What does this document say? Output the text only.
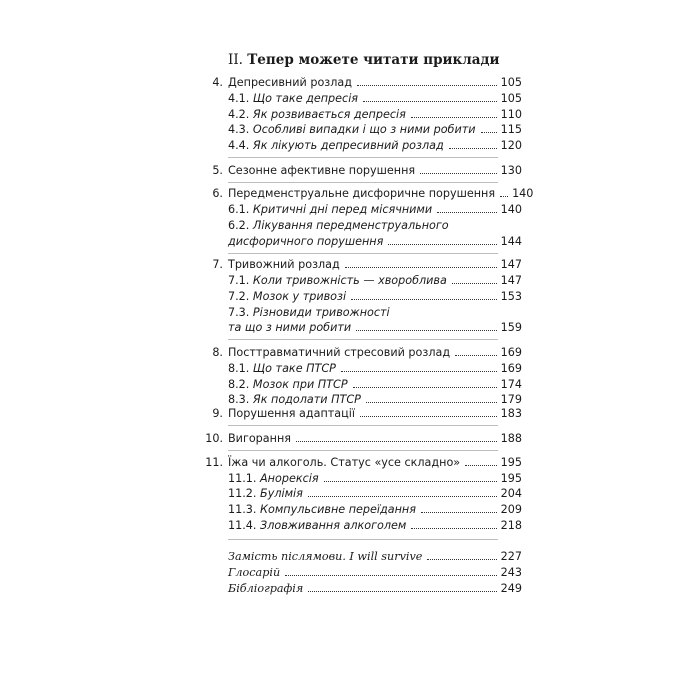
II. Тепер можете читати приклади
4. Депресивний розлад	105
4.1. Що таке депресія	105
4.2. Як розвивається депресія	110
4.3. Особливі випадки і що з ними робити 115
4.4. Як лікують депресивний розлад	120
5. Сезонне афективне порушення	130
6. Передменструальне дисфоричне порушення 140
6.1. Критичні дні перед місячними	140
6.2. Лікування передменструального
дисфоричного порушення	144
7. Тривожний розлад	147
7.1. Коли тривожність — хвороблива	147
7.2. Мозок у тривозі	153
7.3. Різновиди тривожності
та що з ними робити	159
8. Посттравматичний стресовий розлад	169
8.1. Що таке ПТСР	169
8.2. Мозок при ПТСР	174
8.3. Як подолати ПТСР	179
9. Порушення адаптації	183
10. Вигорання	188
11. Їжа чи алкоголь. Статус «усе складно»	195
11.1. Анорексія	195
11.2. Булімія	204
11.3. Компульсивне переїдання	209
11.4. Зловживання алкоголем	218
Замість післямови. I will survive	227
Глосарій	243
Бібліографія	249
